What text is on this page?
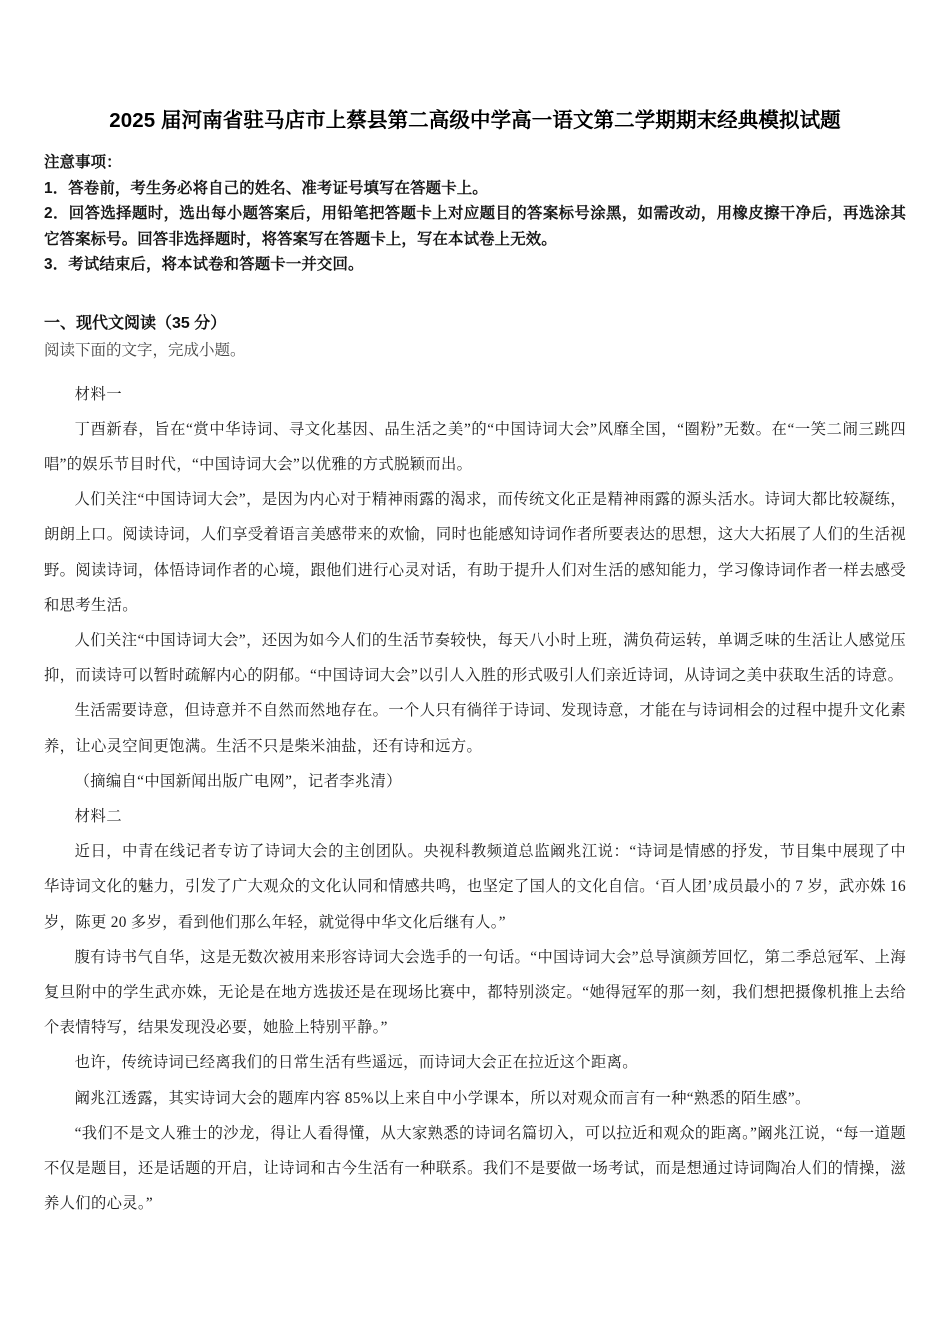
2025 届河南省驻马店市上蔡县第二高级中学高一语文第二学期期末经典模拟试题

注意事项：

1．答卷前，考生务必将自己的姓名、准考证号填写在答题卡上。

2．回答选择题时，选出每小题答案后，用铅笔把答题卡上对应题目的答案标号涂黑，如需改动，用橡皮擦干净后，再选涂其它答案标号。回答非选择题时，将答案写在答题卡上，写在本试卷上无效。

3．考试结束后，将本试卷和答题卡一并交回。

一、现代文阅读（35 分）

阅读下面的文字，完成小题。

材料一

丁酉新春，旨在“赏中华诗词、寻文化基因、品生活之美”的“中国诗词大会”风靡全国，“圈粉”无数。在“一笑二闹三跳四唱”的娱乐节目时代，“中国诗词大会”以优雅的方式脱颖而出。

人们关注“中国诗词大会”，是因为内心对于精神雨露的渴求，而传统文化正是精神雨露的源头活水。诗词大都比较凝练，朗朗上口。阅读诗词，人们享受着语言美感带来的欢愉，同时也能感知诗词作者所要表达的思想，这大大拓展了人们的生活视野。阅读诗词，体悟诗词作者的心境，跟他们进行心灵对话，有助于提升人们对生活的感知能力，学习像诗词作者一样去感受和思考生活。

人们关注“中国诗词大会”，还因为如今人们的生活节奏较快，每天八小时上班，满负荷运转，单调乏味的生活让人感觉压抑，而读诗可以暂时疏解内心的阴郁。“中国诗词大会”以引人入胜的形式吸引人们亲近诗词，从诗词之美中获取生活的诗意。

生活需要诗意，但诗意并不自然而然地存在。一个人只有徜徉于诗词、发现诗意，才能在与诗词相会的过程中提升文化素养，让心灵空间更饱满。生活不只是柴米油盐，还有诗和远方。

（摘编自“中国新闻出版广电网”，记者李兆清）

材料二

近日，中青在线记者专访了诗词大会的主创团队。央视科教频道总监阚兆江说：“诗词是情感的抒发，节目集中展现了中华诗词文化的魅力，引发了广大观众的文化认同和情感共鸣，也坚定了国人的文化自信。‘百人团’成员最小的 7 岁，武亦姝 16 岁，陈更 20 多岁，看到他们那么年轻，就觉得中华文化后继有人。”

腹有诗书气自华，这是无数次被用来形容诗词大会选手的一句话。“中国诗词大会”总导演颜芳回忆，第二季总冠军、上海复旦附中的学生武亦姝，无论是在地方选拔还是在现场比赛中，都特别淡定。“她得冠军的那一刻，我们想把摄像机推上去给个表情特写，结果发现没必要，她脸上特别平静。”

也许，传统诗词已经离我们的日常生活有些遥远，而诗词大会正在拉近这个距离。

阚兆江透露，其实诗词大会的题库内容 85%以上来自中小学课本，所以对观众而言有一种“熟悉的陌生感”。

“我们不是文人雅士的沙龙，得让人看得懂，从大家熟悉的诗词名篇切入，可以拉近和观众的距离。”阚兆江说，“每一道题不仅是题目，还是话题的开启，让诗词和古今生活有一种联系。我们不是要做一场考试，而是想通过诗词陶冶人们的情操，滋养人们的心灵。”
